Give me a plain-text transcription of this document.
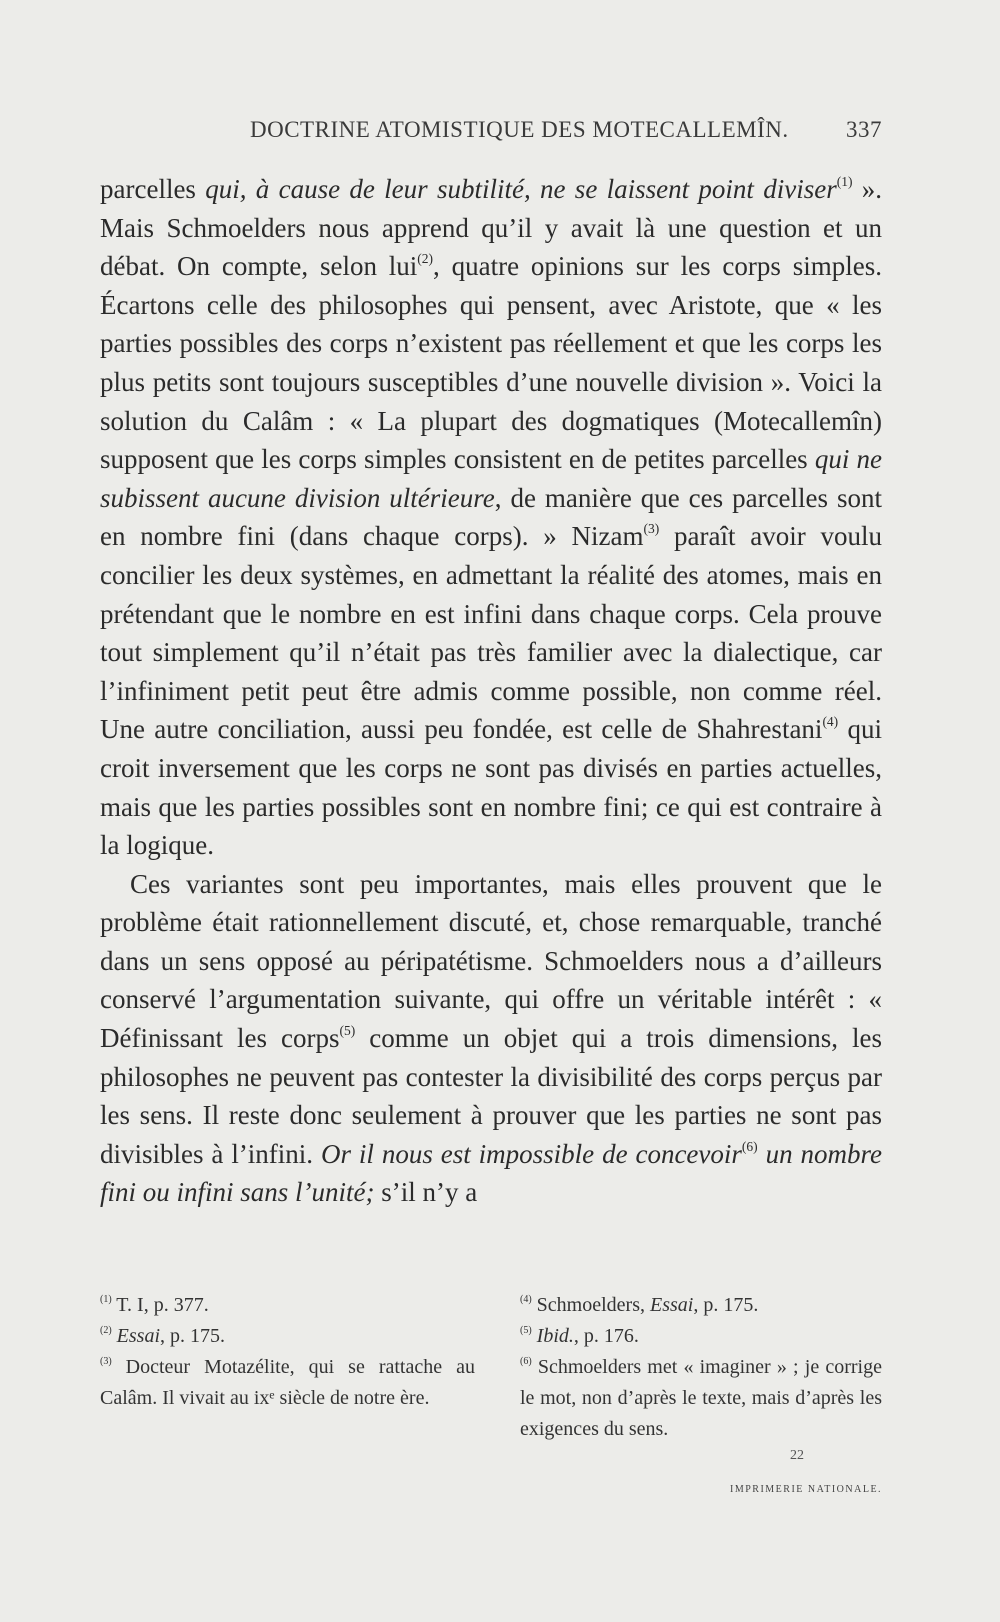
DOCTRINE ATOMISTIQUE DES MOTECALLEMÎN. 337

parcelles qui, à cause de leur subtilité, ne se laissent point diviser$^{(1)}$ ». Mais Schmoelders nous apprend qu’il y avait là une question et un débat. On compte, selon lui$^{(2)}$, quatre opinions sur les corps simples. Écartons celle des philosophes qui pensent, avec Aristote, que « les parties possibles des corps n’existent pas réellement et que les corps les plus petits sont toujours susceptibles d’une nouvelle division ». Voici la solution du Calâm : « La plupart des dogmatiques (Motecallemîn) supposent que les corps simples consistent en de petites parcelles qui ne subissent aucune division ultérieure, de manière que ces parcelles sont en nombre fini (dans chaque corps). » Nizam$^{(3)}$ paraît avoir voulu concilier les deux systèmes, en admettant la réalité des atomes, mais en prétendant que le nombre en est infini dans chaque corps. Cela prouve tout simplement qu’il n’était pas très familier avec la dialectique, car l’infiniment petit peut être admis comme possible, non comme réel. Une autre conciliation, aussi peu fondée, est celle de Shahrestani$^{(4)}$ qui croit inversement que les corps ne sont pas divisés en parties actuelles, mais que les parties possibles sont en nombre fini; ce qui est contraire à la logique.

Ces variantes sont peu importantes, mais elles prouvent que le problème était rationnellement discuté, et, chose remarquable, tranché dans un sens opposé au péripatétisme. Schmoelders nous a d’ailleurs conservé l’argumentation suivante, qui offre un véritable intérêt : « Définissant les corps$^{(5)}$ comme un objet qui a trois dimensions, les philosophes ne peuvent pas contester la divisibilité des corps perçus par les sens. Il reste donc seulement à prouver que les parties ne sont pas divisibles à l’infini. Or il nous est impossible de concevoir$^{(6)}$ un nombre fini ou infini sans l’unité; s’il n’y a

$^{(1)}$ T. I, p. 377.

$^{(2)}$ Essai, p. 175.

$^{(3)}$ Docteur Motazélite, qui se rattache au Calâm. Il vivait au ixᵉ siècle de notre ère.

$^{(4)}$ Schmoelders, Essai, p. 175.

$^{(5)}$ Ibid., p. 176.

$^{(6)}$ Schmoelders met « imaginer » ; je corrige le mot, non d’après le texte, mais d’après les exigences du sens.

22
IMPRIMERIE NATIONALE.
